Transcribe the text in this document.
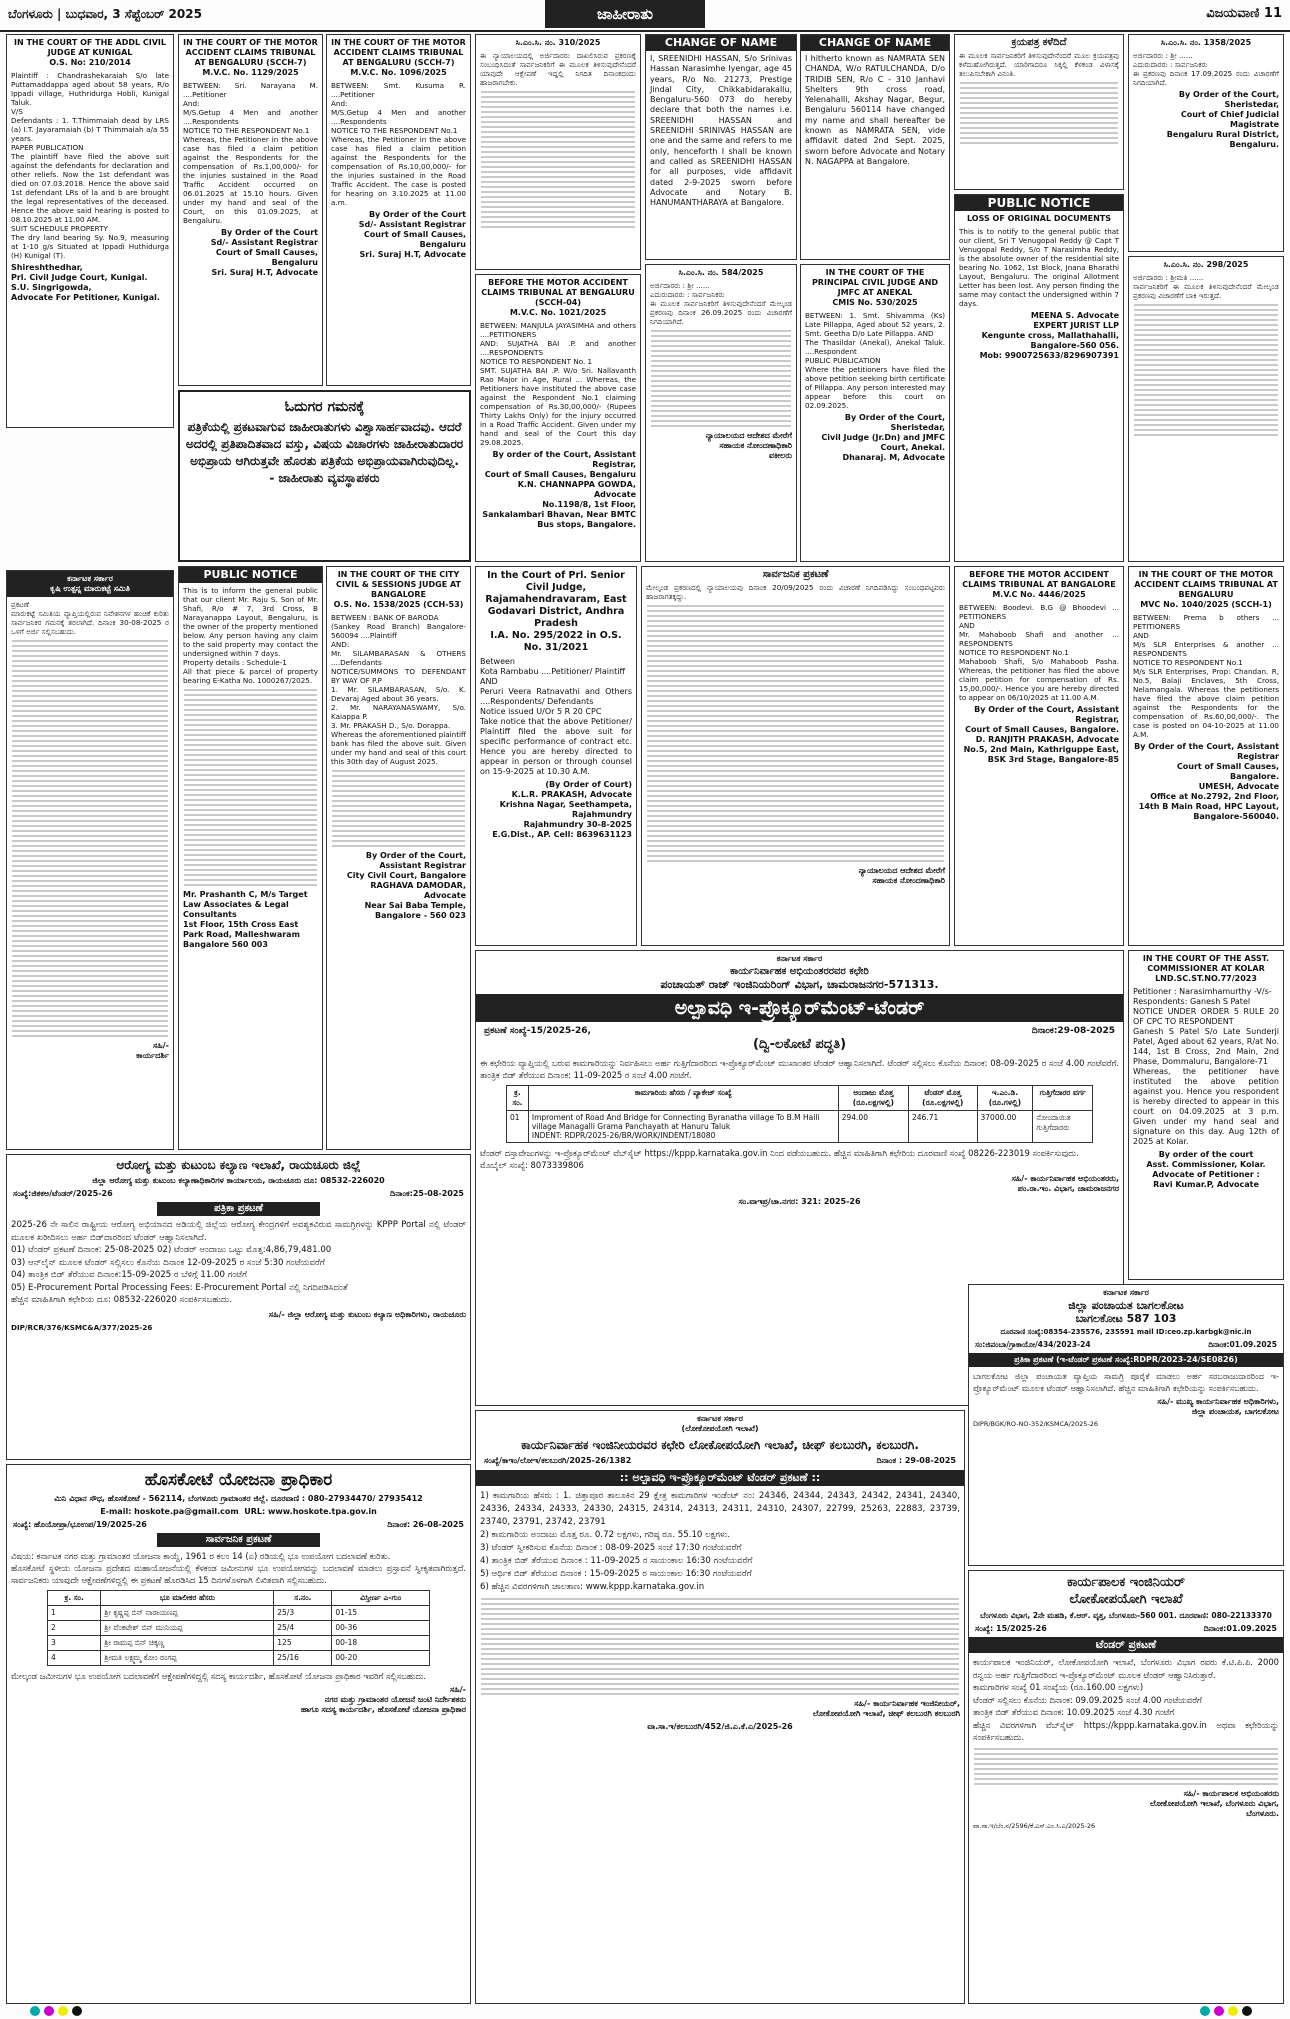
ಬೆಂಗಳೂರು | ಬುಧವಾರ, 3 ಸೆಪ್ಟೆಂಬರ್ 2025	ಜಾಹೀರಾತು	ವಿಜಯವಾಣಿ 11
IN THE COURT OF THE ADDL CIVIL JUDGE AT KUNIGAL
O.S. No: 210/2014
Plaintiff : Chandrashekaraiah S/o late Puttamaddappa aged about 58 years, R/o Ippadi village, Huthridurga Hobli, Kunigal Taluk.
V/S
Defendants : 1. T.Thimmaiah dead by LRS (a) I.T. Jayaramaiah (b) T Thimmaiah a/a 55 years.
PAPER PUBLICATION
The plaintiff have filed the above suit against the defendants for declaration and other reliefs. Now the 1st defendant was died on 07.03.2018. Hence the above said 1st defendant LRs of la and b are brought the legal representatives of the deceased. Hence the above said hearing is posted to 08.10.2025 at 11.00 AM.
SUIT SCHEDULE PROPERTY
The dry land bearing Sy. No.9, measuring at 1-10 g/s Situated at Ippadi Huthidurga (H) Kunigal (T).
Shireshthedhar,
Prl. Civil Judge Court, Kunigal.
S.U. Singrigowda,
Advocate For Petitioner, Kunigal.
ಕರ್ನಾಟಕ ಸರ್ಕಾರ
ಕೃಷಿ ಉತ್ಪನ್ನ ಮಾರುಕಟ್ಟೆ ಸಮಿತಿ
ಪ್ರಕಟಣೆ
ಮಾರುಕಟ್ಟೆ ಸಮಿತಿಯ ವ್ಯಾಪ್ತಿಯಲ್ಲಿರುವ ನಿವೇಶನಗಳ ಹಂಚಿಕೆ ಕುರಿತು ಸಾರ್ವಜನಿಕರ ಗಮನಕ್ಕೆ ತರಲಾಗಿದೆ. ದಿನಾಂಕ 30-08-2025 ರ ಒಳಗೆ ಅರ್ಜಿ ಸಲ್ಲಿಸಬಹುದು.
ಸಹಿ/-
ಕಾರ್ಯದರ್ಶಿ
IN THE COURT OF THE MOTOR ACCIDENT CLAIMS TRIBUNAL AT BENGALURU (SCCH-7)
M.V.C. No. 1129/2025
BETWEEN: Sri. Narayana M. ....Petitioner
And:
M/S.Getup 4 Men and another ....Respondents
NOTICE TO THE RESPONDENT No.1
Whereas, the Petitioner in the above case has filed a claim petition against the Respondents for the compensation of Rs.1,00,000/- for the injuries sustained in the Road Traffic Accident occurred on 06.01.2025 at 15.10 hours. Given under my hand and seal of the Court, on this 01.09.2025, at Bengaluru.
By Order of the Court
Sd/- Assistant Registrar
Court of Small Causes, Bengaluru
Sri. Suraj H.T, Advocate
IN THE COURT OF THE MOTOR ACCIDENT CLAIMS TRIBUNAL AT BENGALURU (SCCH-7)
M.V.C. No. 1096/2025
BETWEEN: Smt. Kusuma R. ....Petitioner
And:
M/S.Getup 4 Men and another ....Respondents
NOTICE TO THE RESPONDENT No.1
Whereas, the Petitioner in the above case has filed a claim petition against the Respondents for the compensation of Rs.10,00,000/- for the injuries sustained in the Road Traffic Accident. The case is posted for hearing on 3.10.2025 at 11.00 a.m.
By Order of the Court
Sd/- Assistant Registrar
Court of Small Causes, Bengaluru
Sri. Suraj H.T, Advocate
ಓದುಗರ ಗಮನಕ್ಕೆ
ಪತ್ರಿಕೆಯಲ್ಲಿ ಪ್ರಕಟವಾಗುವ ಜಾಹೀರಾತುಗಳು ವಿಶ್ವಾಸಾರ್ಹವಾದವು. ಆದರೆ ಅದರಲ್ಲಿ ಪ್ರತಿಪಾದಿತವಾದ ವಸ್ತು, ವಿಷಯ ವಿಚಾರಗಳು ಜಾಹೀರಾತುದಾರರ ಅಭಿಪ್ರಾಯ ಆಗಿರುತ್ತವೇ ಹೊರತು ಪತ್ರಿಕೆಯ ಅಭಿಪ್ರಾಯವಾಗಿರುವುದಿಲ್ಲ.
- ಜಾಹೀರಾತು ವ್ಯವಸ್ಥಾಪಕರು
PUBLIC NOTICE
This is to inform the general public that our client Mr. Raju S. Son of Mr. Shafi, R/o # 7, 3rd Cross, B Narayanappa Layout, Bengaluru, is the owner of the property mentioned below. Any person having any claim to the said property may contact the undersigned within 7 days.
Property details : Schedule-1
All that piece & parcel of property bearing E-Katha No. 1000267/2025.
Mr. Prashanth C, M/s Target Law Associates & Legal Consultants
1st Floor, 15th Cross East Park Road, Malleshwaram Bangalore 560 003
IN THE COURT OF THE CITY CIVIL & SESSIONS JUDGE AT BANGALORE
O.S. No. 1538/2025 (CCH-53)
BETWEEN : BANK OF BARODA
(Sankey Road Branch) Bangalore-560094 ....Plaintiff
AND:
Mr. SILAMBARASAN & OTHERS ....Defendants
NOTICE/SUMMONS TO DEFENDANT BY WAY OF P.P
1. Mr. SILAMBARASAN, S/o. K. Devaraj Aged about 36 years.
2. Mr. NARAYANASWAMY, S/o. Kaiappa P.
3. Mr. PRAKASH D., S/o. Dorappa.
Whereas the aforementioned plaintiff bank has filed the above suit. Given under my hand and seal of this court this 30th day of August 2025.
By Order of the Court, Assistant Registrar
City Civil Court, Bangalore
RAGHAVA DAMODAR, Advocate
Near Sai Baba Temple, Bangalore - 560 023
ಸಿ.ಎಂ.ಸಿ. ನಂ. 310/2025
ಈ ನ್ಯಾಯಾಲಯದಲ್ಲಿ ಅರ್ಜಿದಾರರು ದಾಖಲಿಸಿರುವ ಪ್ರಕರಣಕ್ಕೆ ಸಂಬಂಧಿಸಿದಂತೆ ಸಾರ್ವಜನಿಕರಿಗೆ ಈ ಮೂಲಕ ತಿಳಿಸುವುದೇನೆಂದರೆ ಯಾವುದೇ ಆಕ್ಷೇಪಣೆ ಇದ್ದಲ್ಲಿ ನಿಗದಿತ ದಿನಾಂಕದಂದು ಹಾಜರಾಗಬೇಕು.
BEFORE THE MOTOR ACCIDENT CLAIMS TRIBUNAL AT BENGALURU (SCCH-04)
M.V.C. No. 1021/2025
BETWEEN: MANJULA JAYASIMHA and others ....PETITIONERS
AND: SUJATHA BAI .P. and another ....RESPONDENTS
NOTICE TO RESPONDENT No. 1
SMT. SUJATHA BAI .P. W/o Sri. Nallavanth Rao Major in Age, Rural ... Whereas, the Petitioners have instituted the above case against the Respondent No.1 claiming compensation of Rs.30,00,000/- (Rupees Thirty Lakhs Only) for the injury occurred in a Road Traffic Accident. Given under my hand and seal of the Court this day 29.08.2025.
By order of the Court, Assistant Registrar,
Court of Small Causes, Bengaluru
K.N. CHANNAPPA GOWDA, Advocate
No.1198/8, 1st Floor, Sankalambari Bhavan, Near BMTC Bus stops, Bangalore.
In the Court of Prl. Senior Civil Judge, Rajamahendravaram, East Godavari District, Andhra Pradesh
I.A. No. 295/2022 in O.S. No. 31/2021
Between
Kota Rambabu ....Petitioner/ Plaintiff
AND
Peruri Veera Ratnavathi and Others ....Respondents/ Defendants
Notice issued U/Or 5 R 20 CPC
Take notice that the above Petitioner/ Plaintiff filed the above suit for specific performance of contract etc. Hence you are hereby directed to appear in person or through counsel on 15-9-2025 at 10.30 A.M.
(By Order of Court)
K.L.R. PRAKASH, Advocate
Krishna Nagar, Seethampeta, Rajahmundry
Rajahmundry 30-8-2025
E.G.Dist., AP. Cell: 8639631123
CHANGE OF NAME
I, SREENIDHI HASSAN, S/o Srinivas Hassan Narasimhe Iyengar, age 45 years, R/o No. 21273, Prestige Jindal City, Chikkabidarakallu, Bengaluru-560 073 do hereby declare that both the names i.e. SREENIDHI HASSAN and SREENIDHI SRINIVAS HASSAN are one and the same and refers to me only, henceforth I shall be known and called as SREENIDHI HASSAN for all purposes, vide affidavit dated 2-9-2025 sworn before Advocate and Notary B. HANUMANTHARAYA at Bangalore.
CHANGE OF NAME
I hitherto known as NAMRATA SEN CHANDA, W/o RATULCHANDA, D/o TRIDIB SEN, R/o C - 310 Janhavi Shelters 9th cross road, Yelenahalli, Akshay Nagar, Begur, Bengaluru 560114 have changed my name and shall hereafter be known as NAMRATA SEN, vide affidavit dated 2nd Sept. 2025, sworn before Advocate and Notary N. NAGAPPA at Bangalore.
ಸಿ.ಎಂ.ಸಿ. ನಂ. 584/2025
ಅರ್ಜಿದಾರರು : ಶ್ರೀ ......
ಎದುರುದಾರರು : ಸಾರ್ವಜನಿಕರು
ಈ ಮೂಲಕ ಸಾರ್ವಜನಿಕರಿಗೆ ತಿಳಿಸುವುದೇನೆಂದರೆ ಮೇಲ್ಕಂಡ ಪ್ರಕರಣವು ದಿನಾಂಕ 26.09.2025 ರಂದು ವಿಚಾರಣೆಗೆ ನಿಗದಿಯಾಗಿದೆ.
ನ್ಯಾಯಾಲಯದ ಆದೇಶದ ಮೇರೆಗೆ
ಸಹಾಯಕ ನೋಂದಣಾಧಿಕಾರಿ
ವಕೀಲರು
IN THE COURT OF THE PRINCIPAL CIVIL JUDGE AND JMFC AT ANEKAL
CMIS No. 530/2025
BETWEEN: 1. Smt. Shivamma (Ks) Late Pillappa, Aged about 52 years, 2. Smt. Geetha D/o Late Pillappa. AND
The Thasildar (Anekal), Anekal Taluk. ....Respondent
PUBLIC PUBLICATION
Where the petitioners have filed the above petition seeking birth certificate of Pillappa. Any person interested may appear before this court on 02.09.2025.
By Order of the Court, Sheristedar,
Civil Judge (Jr.Dn) and JMFC Court, Anekal.
Dhanaraj. M, Advocate
ಸಾರ್ವಜನಿಕ ಪ್ರಕಟಣೆ
ಮೇಲ್ಕಂಡ ಪ್ರಕರಣದಲ್ಲಿ ನ್ಯಾಯಾಲಯವು ದಿನಾಂಕ 20/09/2025 ರಂದು ವಿಚಾರಣೆ ನಿಗದಿಪಡಿಸಿದ್ದು ಸಂಬಂಧಪಟ್ಟವರು ಹಾಜರಾಗತಕ್ಕದ್ದು.
ನ್ಯಾಯಾಲಯದ ಆದೇಶದ ಮೇರೆಗೆ
ಸಹಾಯಕ ನೋಂದಣಾಧಿಕಾರಿ
ಕ್ರಯಪತ್ರ ಕಳೆದಿದೆ
ಈ ಮೂಲಕ ಸಾರ್ವಜನಿಕರಿಗೆ ತಿಳಿಸುವುದೇನೆಂದರೆ ಮೂಲ ಕ್ರಯಪತ್ರವು ಕಳೆದುಹೋಗಿರುತ್ತದೆ. ಯಾರಿಗಾದರೂ ಸಿಕ್ಕಲ್ಲಿ ಕೆಳಕಂಡ ವಿಳಾಸಕ್ಕೆ ತಲುಪಿಸಬೇಕಾಗಿ ವಿನಂತಿ.
PUBLIC NOTICE
LOSS OF ORIGINAL DOCUMENTS
This is to notify to the general public that our client, Sri T Venugopal Reddy @ Capt T Venugopal Reddy, S/o T Narasimha Reddy, is the absolute owner of the residential site bearing No. 1062, 1st Block, Jnana Bharathi Layout, Bengaluru. The original Allotment Letter has been lost. Any person finding the same may contact the undersigned within 7 days.
MEENA S. Advocate
EXPERT JURIST LLP
Kengunte cross, Mallathahalli, Bangalore-560 056.
Mob: 9900725633/8296907391
BEFORE THE MOTOR ACCIDENT CLAIMS TRIBUNAL AT BANGALORE
M.V.C No. 4446/2025
BETWEEN: Boodevi. B.G @ Bhoodevi ... PETITIONERS
AND
Mr. Mahaboob Shafi and another ... RESPONDENTS
NOTICE TO RESPONDENT No.1
Mahaboob Shafi, S/o Mahaboob Pasha. Whereas, the petitioner has filed the above claim petition for compensation of Rs. 15,00,000/-. Hence you are hereby directed to appear on 06/10/2025 at 11.00 A.M.
By Order of the Court, Assistant Registrar,
Court of Small Causes, Bangalore.
D. RANJITH PRAKASH, Advocate
No.5, 2nd Main, Kathriguppe East, BSK 3rd Stage, Bangalore-85
ಸಿ.ಎಂ.ಸಿ. ನಂ. 1358/2025
ಅರ್ಜಿದಾರರು : ಶ್ರೀ ......
ಎದುರುದಾರರು : ಸಾರ್ವಜನಿಕರು
ಈ ಪ್ರಕರಣವು ದಿನಾಂಕ 17.09.2025 ರಂದು ವಿಚಾರಣೆಗೆ ನಿಗದಿಯಾಗಿದೆ.
By Order of the Court, Sheristedar,
Court of Chief Judicial Magistrate
Bengaluru Rural District, Bengaluru.
ಸಿ.ಎಂ.ಸಿ. ನಂ. 298/2025
ಅರ್ಜಿದಾರರು : ಶ್ರೀಮತಿ ......
ಸಾರ್ವಜನಿಕರಿಗೆ ಈ ಮೂಲಕ ತಿಳಿಸುವುದೇನೆಂದರೆ ಮೇಲ್ಕಂಡ ಪ್ರಕರಣವು ವಿಚಾರಣೆಗೆ ಬಾಕಿ ಇರುತ್ತದೆ.
IN THE COURT OF THE MOTOR ACCIDENT CLAIMS TRIBUNAL AT BENGALURU
MVC No. 1040/2025 (SCCH-1)
BETWEEN: Prema b others ... PETITIONERS
AND
M/s SLR Enterprises & another ... RESPONDENTS
NOTICE TO RESPONDENT No.1
M/s SLR Enterprises, Prop: Chandan. R, No.5, Balaji Enclaves, 5th Cross, Nelamangala. Whereas the petitioners have filed the above claim petition against the Respondents for the compensation of Rs.60,00,000/-. The case is posted on 04-10-2025 at 11.00 A.M.
By Order of the Court, Assistant Registrar
Court of Small Causes, Bangalore.
UMESH, Advocate
Office at No.2792, 2nd Floor, 14th B Main Road, HPC Layout, Bangalore-560040.
IN THE COURT OF THE ASST. COMMISSIONER AT KOLAR
LND.SC.ST.NO.77/2023
Petitioner : Narasimhamurthy -V/s-
Respondents: Ganesh S Patel
NOTICE UNDER ORDER 5 RULE 20 OF CPC TO RESPONDENT
Ganesh S Patel S/o Late Sunderji Patel, Aged about 62 years, R/at No. 144, 1st B Cross, 2nd Main, 2nd Phase, Dommaluru, Bangalore-71
Whereas, the petitioner have instituted the above petition against you. Hence you respondent is hereby directed to appear in this court on 04.09.2025 at 3 p.m. Given under my hand seal and signature on this day. Aug 12th of 2025 at Kolar.
By order of the court
Asst. Commissioner, Kolar.
Advocate of Petitioner :
Ravi Kumar.P, Advocate
ಆರೋಗ್ಯ ಮತ್ತು ಕುಟುಂಬ ಕಲ್ಯಾಣ ಇಲಾಖೆ, ರಾಯಚೂರು ಜಿಲ್ಲೆ
ಜಿಲ್ಲಾ ಆರೋಗ್ಯ ಮತ್ತು ಕುಟುಂಬ ಕಲ್ಯಾಣಾಧಿಕಾರಿಗಳ ಕಾರ್ಯಾಲಯ, ರಾಯಚೂರು ದೂ: 08532-226020
ಸಂಖ್ಯೆ:ಜಿಕಕಅ/ಟೆಂಡರ್/2025-26	ದಿನಾಂಕ:25-08-2025
ಪತ್ರಿಕಾ ಪ್ರಕಟಣೆ
2025-26 ನೇ ಸಾಲಿನ ರಾಷ್ಟ್ರೀಯ ಆರೋಗ್ಯ ಅಭಿಯಾನದ ಅಡಿಯಲ್ಲಿ ಜಿಲ್ಲೆಯ ಆರೋಗ್ಯ ಕೇಂದ್ರಗಳಿಗೆ ಅವಶ್ಯಕವಿರುವ ಸಾಮಗ್ರಿಗಳನ್ನು KPPP Portal ನಲ್ಲಿ ಟೆಂಡರ್ ಮೂಲಕ ಖರೀದಿಸಲು ಅರ್ಹ ಬಿಡ್‌ದಾರರಿಂದ ಟೆಂಡರ್ ಆಹ್ವಾನಿಸಲಾಗಿದೆ.
01) ಟೆಂಡರ್ ಪ್ರಕಟಣೆ ದಿನಾಂಕ: 25-08-2025 02) ಟೆಂಡರ್ ಅಂದಾಜು ಒಟ್ಟು ಮೊತ್ತ:4,86,79,481.00
03) ಆನ್‌ಲೈನ್ ಮೂಲಕ ಟೆಂಡರ್ ಸಲ್ಲಿಸಲು ಕೊನೆಯ ದಿನಾಂಕ 12-09-2025 ರ ಸಂಜೆ 5:30 ಗಂಟೆಯವರೆಗೆ
04) ತಾಂತ್ರಿಕ ಬಿಡ್ ತೆರೆಯುವ ದಿನಾಂಕ:15-09-2025 ರ ಬೆಳಿಗ್ಗೆ 11.00 ಗಂಟೆಗೆ
05) E-Procurement Portal Processing Fees: E-Procurement Portal ನಲ್ಲಿ ನಿಗದಿಪಡಿಸಿದಂತೆ
ಹೆಚ್ಚಿನ ಮಾಹಿತಿಗಾಗಿ ಕಛೇರಿಯ ದೂ: 08532-226020 ಸಂಪರ್ಕಿಸಬಹುದು.
ಸಹಿ/- ಜಿಲ್ಲಾ ಆರೋಗ್ಯ ಮತ್ತು ಕುಟುಂಬ ಕಲ್ಯಾಣ ಅಧಿಕಾರಿಗಳು, ರಾಯಚೂರು
DIP/RCR/376/KSMC&A/377/2025-26
ಹೊಸಕೋಟೆ ಯೋಜನಾ ಪ್ರಾಧಿಕಾರ
ಮಿನಿ ವಿಧಾನ ಸೌಧ, ಹೊಸಕೋಟೆ - 562114, ಬೆಂಗಳೂರು ಗ್ರಾಮಾಂತರ ಜಿಲ್ಲೆ. ದೂರವಾಣಿ : 080-27934470/ 27935412
E-mail: hoskote.pa@gmail.com  URL: www.hoskote.tpa.gov.in
ಸಂಖ್ಯೆ: ಹೊಯೋಪ್ರಾ/ಭೂಉಪ/19/2025-26	ದಿನಾಂಕ: 26-08-2025
ಸಾರ್ವಜನಿಕ ಪ್ರಕಟಣೆ
ವಿಷಯ: ಕರ್ನಾಟಕ ನಗರ ಮತ್ತು ಗ್ರಾಮಾಂತರ ಯೋಜನಾ ಕಾಯ್ದೆ, 1961 ರ ಕಲಂ 14 (ಎ) ರಡಿಯಲ್ಲಿ ಭೂ ಉಪಯೋಗ ಬದಲಾವಣೆ ಕುರಿತು.
ಹೊಸಕೋಟೆ ಸ್ಥಳೀಯ ಯೋಜನಾ ಪ್ರದೇಶದ ಮಹಾಯೋಜನೆಯಲ್ಲಿ ಕೆಳಕಂಡ ಜಮೀನುಗಳ ಭೂ ಉಪಯೋಗವನ್ನು ಬದಲಾವಣೆ ಮಾಡಲು ಪ್ರಸ್ತಾವನೆ ಸ್ವೀಕೃತವಾಗಿರುತ್ತದೆ. ಸಾರ್ವಜನಿಕರು ಯಾವುದೇ ಆಕ್ಷೇಪಣೆಗಳಿದ್ದಲ್ಲಿ ಈ ಪ್ರಕಟಣೆ ಹೊರಡಿಸಿದ 15 ದಿನಗಳೊಳಗಾಗಿ ಲಿಖಿತವಾಗಿ ಸಲ್ಲಿಸಬಹುದು.
ಕ್ರ. ಸಂ.	ಭೂ ಮಾಲೀಕರ ಹೆಸರು	ಸ.ನಂ.	ವಿಸ್ತೀರ್ಣ ಎ-ಗುಂ
1	ಶ್ರೀ ಕೃಷ್ಣಪ್ಪ ಬಿನ್ ನಾರಾಯಣಪ್ಪ	25/3	01-15
2	ಶ್ರೀ ವೆಂಕಟೇಶ್ ಬಿನ್ ಮುನಿಯಪ್ಪ	25/4	00-36
3	ಶ್ರೀ ರಾಮಪ್ಪ ಬಿನ್ ಚಿಕ್ಕಣ್ಣ	125	00-18
4	ಶ್ರೀಮತಿ ಲಕ್ಷ್ಮಮ್ಮ ಕೋಂ ರಂಗಪ್ಪ	25/16	00-20
ಮೇಲ್ಕಂಡ ಜಮೀನುಗಳ ಭೂ ಉಪಯೋಗ ಬದಲಾವಣೆಗೆ ಆಕ್ಷೇಪಣೆಗಳಿದ್ದಲ್ಲಿ ಸದಸ್ಯ ಕಾರ್ಯದರ್ಶಿ, ಹೊಸಕೋಟೆ ಯೋಜನಾ ಪ್ರಾಧಿಕಾರ ಇವರಿಗೆ ಸಲ್ಲಿಸಬಹುದು.
ಸಹಿ/-
ನಗರ ಮತ್ತು ಗ್ರಾಮಾಂತರ ಯೋಜನೆ ಜಂಟಿ ನಿರ್ದೇಶಕರು
ಹಾಗೂ ಸದಸ್ಯ ಕಾರ್ಯದರ್ಶಿ, ಹೊಸಕೋಟೆ ಯೋಜನಾ ಪ್ರಾಧಿಕಾರ
ಕರ್ನಾಟಕ ಸರ್ಕಾರ
ಕಾರ್ಯನಿರ್ವಾಹಕ ಅಭಿಯಂತರರವರ ಕಛೇರಿ
ಪಂಚಾಯತ್ ರಾಜ್ ಇಂಜಿನಿಯರಿಂಗ್ ವಿಭಾಗ, ಚಾಮರಾಜನಗರ-571313.
ಅಲ್ಪಾವಧಿ ಇ-ಪ್ರೊಕ್ಯೂರ್‌ಮೆಂಟ್-ಟೆಂಡರ್
ಪ್ರಕಟಣೆ ಸಂಖ್ಯೆ-15/2025-26,	ದಿನಾಂಕ:29-08-2025
(ದ್ವಿ-ಲಕೋಟೆ ಪದ್ಧತಿ)
ಈ ಕಛೇರಿಯ ವ್ಯಾಪ್ತಿಯಲ್ಲಿ ಬರುವ ಕಾಮಗಾರಿಯನ್ನು ನಿರ್ವಹಿಸಲು ಅರ್ಹ ಗುತ್ತಿಗೆದಾರರಿಂದ ಇ-ಪ್ರೊಕ್ಯೂರ್‌ಮೆಂಟ್ ಮುಖಾಂತರ ಟೆಂಡರ್ ಆಹ್ವಾನಿಸಲಾಗಿದೆ. ಟೆಂಡರ್ ಸಲ್ಲಿಸಲು ಕೊನೆಯ ದಿನಾಂಕ: 08-09-2025 ರ ಸಂಜೆ 4.00 ಗಂಟೆವರೆಗೆ. ತಾಂತ್ರಿಕ ಬಿಡ್ ತೆರೆಯುವ ದಿನಾಂಕ: 11-09-2025 ರ ಸಂಜೆ 4.00 ಗಂಟೆಗೆ.
ಕ್ರ. ಸಂ.	ಕಾಮಗಾರಿಯ ಹೆಸರು / ಪ್ಯಾಕೇಜ್ ಸಂಖ್ಯೆ	ಅಂದಾಜು ಮೊತ್ತ (ರೂ.ಲಕ್ಷಗಳಲ್ಲಿ)	ಟೆಂಡರ್ ಮೊತ್ತ (ರೂ.ಲಕ್ಷಗಳಲ್ಲಿ)	ಇ.ಎಂ.ಡಿ. (ರೂ.ಗಳಲ್ಲಿ)	ಗುತ್ತಿಗೆದಾರರ ವರ್ಗ
01	Improment of Road And Bridge for Connecting Byranatha village To B.M Halli village Managalli Grama Panchayath at Hanuru Taluk
INDENT: RDPR/2025-26/BR/WORK/INDENT/18080	294.00	246.71	37000.00	ನೋಂದಾಯಿತ ಗುತ್ತಿಗೆದಾರರು
ಟೆಂಡರ್ ದಸ್ತಾವೇಜುಗಳನ್ನು ಇ-ಪ್ರೊಕ್ಯೂರ್‌ಮೆಂಟ್ ವೆಬ್‌ಸೈಟ್ https://kppp.karnataka.gov.in ನಿಂದ ಪಡೆಯಬಹುದು. ಹೆಚ್ಚಿನ ಮಾಹಿತಿಗಾಗಿ ಕಛೇರಿಯ ದೂರವಾಣಿ ಸಂಖ್ಯೆ 08226-223019 ಸಂಪರ್ಕಿಸುವುದು.
ಮೊಬೈಲ್ ಸಂಖ್ಯೆ: 8073339806
ಸಹಿ/- ಕಾರ್ಯನಿರ್ವಾಹಕ ಅಭಿಯಂತರರು,
ಪಂ.ರಾ.ಇಂ. ವಿಭಾಗ, ಚಾಮರಾಜನಗರ
ಸಂ.ವಾಇಪ್ರ/ಚಾ.ನಗರ: 321: 2025-26
ಕರ್ನಾಟಕ ಸರ್ಕಾರ
(ಲೋಕೋಪಯೋಗಿ ಇಲಾಖೆ)
ಕಾರ್ಯನಿರ್ವಾಹಕ ಇಂಜಿನೀಯರ‌ವರ ಕಛೇರಿ ಲೋಕೋಪಯೋಗಿ ಇಲಾಖೆ, ಚೀಫ್ ಕಲಬುರಗಿ, ಕಲಬುರಗಿ.
ಸಂಖ್ಯೆ/ಕಾಇಂ/ಲೋಇ/ಕಲಬುರಗಿ/2025-26/1382	ದಿನಾಂಕ : 29-08-2025
:: ಅಲ್ಪಾವಧಿ ಇ-ಪ್ರೊಕ್ಯೂರ್‌ಮೆಂಟ್ ಟೆಂಡರ್ ಪ್ರಕಟಣೆ ::
1) ಕಾಮಗಾರಿಯ ಹೆಸರು : 1. ಚಿತ್ತಾಪೂರ ತಾಲೂಕಿನ 29 ಕ್ಷೇತ್ರ ಕಾಮಗಾರಿಗಳ ಇಂಡೆಂಟ್ ನಂ: 24346, 24344, 24343, 24342, 24341, 24340, 24336, 24334, 24333, 24330, 24315, 24314, 24313, 24311, 24310, 24307, 22799, 25263, 22883, 23739, 23740, 23791, 23742, 23791
2) ಕಾಮಗಾರಿಯ ಅಂದಾಜು ಮೊತ್ತ ರೂ. 0.72 ಲಕ್ಷಗಳು, ಗರಿಷ್ಠ ರೂ. 55.10 ಲಕ್ಷಗಳು.
3) ಟೆಂಡರ್ ಸ್ವೀಕರಿಸುವ ಕೊನೆಯ ದಿನಾಂಕ : 08-09-2025 ಸಂಜೆ 17:30 ಗಂಟೆಯವರೆಗೆ
4) ತಾಂತ್ರಿಕ ಬಿಡ್ ತೆರೆಯುವ ದಿನಾಂಕ : 11-09-2025 ರ ಸಾಯಂಕಾಲ 16:30 ಗಂಟೆಯವರೆಗೆ
5) ಆರ್ಥಿಕ ಬಿಡ್ ತೆರೆಯುವ ದಿನಾಂಕ : 15-09-2025 ರ ಸಾಯಂಕಾಲ 16:30 ಗಂಟೆಯವರೆಗೆ
6) ಹೆಚ್ಚಿನ ವಿವರಗಳಿಗಾಗಿ ಜಾಲತಾಣ: www.kppp.karnataka.gov.in
ಸಹಿ/- ಕಾರ್ಯನಿರ್ವಾಹಕ ಇಂಜಿನೀಯರ್,
ಲೋಕೋಪಯೋಗಿ ಇಲಾಖೆ, ಚೀಫ್ ಕಲಬುರಗಿ ಕಲಬುರಗಿ
ವಾ.ಸಾ.ಇ/ಕಲಬುರಗಿ/452/ಜಿ.ಎ.ಕೆ.ಎ/2025-26
ಕರ್ನಾಟಕ ಸರ್ಕಾರ
ಜಿಲ್ಲಾ ಪಂಚಾಯತ ಬಾಗಲಕೋಟ
ಬಾಗಲಕೋಟ 587 103
ದೂರವಾಣಿ ಸಂಖ್ಯೆ:08354-235576, 235591 mail ID:ceo.zp.karbgk@nic.in
ಸಂ:ಜಿಪಂಬಾ/ಗ್ರಾಕಾಯೋ/434/2023-24	ದಿನಾಂಕ:01.09.2025
ಪ್ರತಿಕಾ ಪ್ರಕಟಣೆ (ಇ-ಟೆಂಡರ್ ಪ್ರಕಟಣೆ ಸಂಖ್ಯೆ:RDPR/2023-24/SE0826)
ಬಾಗಲಕೋಟ ಜಿಲ್ಲಾ ಪಂಚಾಯತ ವ್ಯಾಪ್ತಿಯ ಸಾಮಗ್ರಿ ಪೂರೈಕೆ ಮಾಡಲು ಅರ್ಹ ಸರಬರಾಜುದಾರರಿಂದ ಇ-ಪ್ರೊಕ್ಯೂರ್‌ಮೆಂಟ್ ಮೂಲಕ ಟೆಂಡರ್ ಆಹ್ವಾನಿಸಲಾಗಿದೆ. ಹೆಚ್ಚಿನ ಮಾಹಿತಿಗಾಗಿ ಕಛೇರಿಯನ್ನು ಸಂಪರ್ಕಿಸಬಹುದು.
ಸಹಿ/- ಮುಖ್ಯ ಕಾರ್ಯನಿರ್ವಾಹಕ ಅಧಿಕಾರಿಗಳು,
ಜಿಲ್ಲಾ ಪಂಚಾಯತ, ಬಾಗಲಕೋಟ
DIPR/BGK/RO-NO-352/KSMCA/2025-26
ಕಾರ್ಯಪಾಲಕ ಇಂಜಿನಿಯರ್
ಲೋಕೋಪಯೋಗಿ ಇಲಾಖೆ
ಬೆಂಗಳೂರು ವಿಭಾಗ, 2ನೇ ಮಹಡಿ, ಕೆ.ಆರ್. ವೃತ್ತ, ಬೆಂಗಳೂರು-560 001. ದೂರವಾಣಿ: 080-22133370
ಸಂಖ್ಯೆ: 15/2025-26	ದಿನಾಂಕ:01.09.2025
ಟೆಂಡರ್ ಪ್ರಕಟಣೆ
ಕಾರ್ಯಪಾಲಕ ಇಂಜಿನಿಯರ್, ಲೋಕೋಪಯೋಗಿ ಇಲಾಖೆ, ಬೆಂಗಳೂರು ವಿಭಾಗ ರವರು ಕೆ.ಟಿ.ಪಿ.ಪಿ. 2000 ರನ್ವಯ ಅರ್ಹ ಗುತ್ತಿಗೆದಾರರಿಂದ ಇ-ಪ್ರೊಕ್ಯೂರ್‌ಮೆಂಟ್ ಮೂಲಕ ಟೆಂಡರ್ ಆಹ್ವಾನಿಸಿರುತ್ತಾರೆ.
ಕಾಮಗಾರಿಗಳ ಸಂಖ್ಯೆ 01 ಸಂಖ್ಯೆಯ (ರೂ.160.00 ಲಕ್ಷಗಳು)
ಟೆಂಡರ್ ಸಲ್ಲಿಸಲು ಕೊನೆಯ ದಿನಾಂಕ: 09.09.2025 ಸಂಜೆ 4.00 ಗಂಟೆಯವರೆಗೆ
ತಾಂತ್ರಿಕ ಬಿಡ್ ತೆರೆಯುವ ದಿನಾಂಕ: 10.09.2025 ಸಂಜೆ 4.30 ಗಂಟೆಗೆ
ಹೆಚ್ಚಿನ ವಿವರಗಳಿಗಾಗಿ ವೆಬ್‌ಸೈಟ್ https://kppp.karnataka.gov.in ಅಥವಾ ಕಛೇರಿಯನ್ನು ಸಂಪರ್ಕಿಸಬಹುದು.
ಸಹಿ/- ಕಾರ್ಯಪಾಲಕ ಅಭಿಯಂತರರು
ಲೋಕೋಪಯೋಗಿ ಇಲಾಖೆ, ಬೆಂಗಳೂರು ವಿಭಾಗ,
ಬೆಂಗಳೂರು.
ವಾ.ಸಾ.ಇ/ಬೆಂ.ನ/2596/ಕೆ.ಎಸ್.ಎಂ.ಸಿ.ಎ/2025-26
